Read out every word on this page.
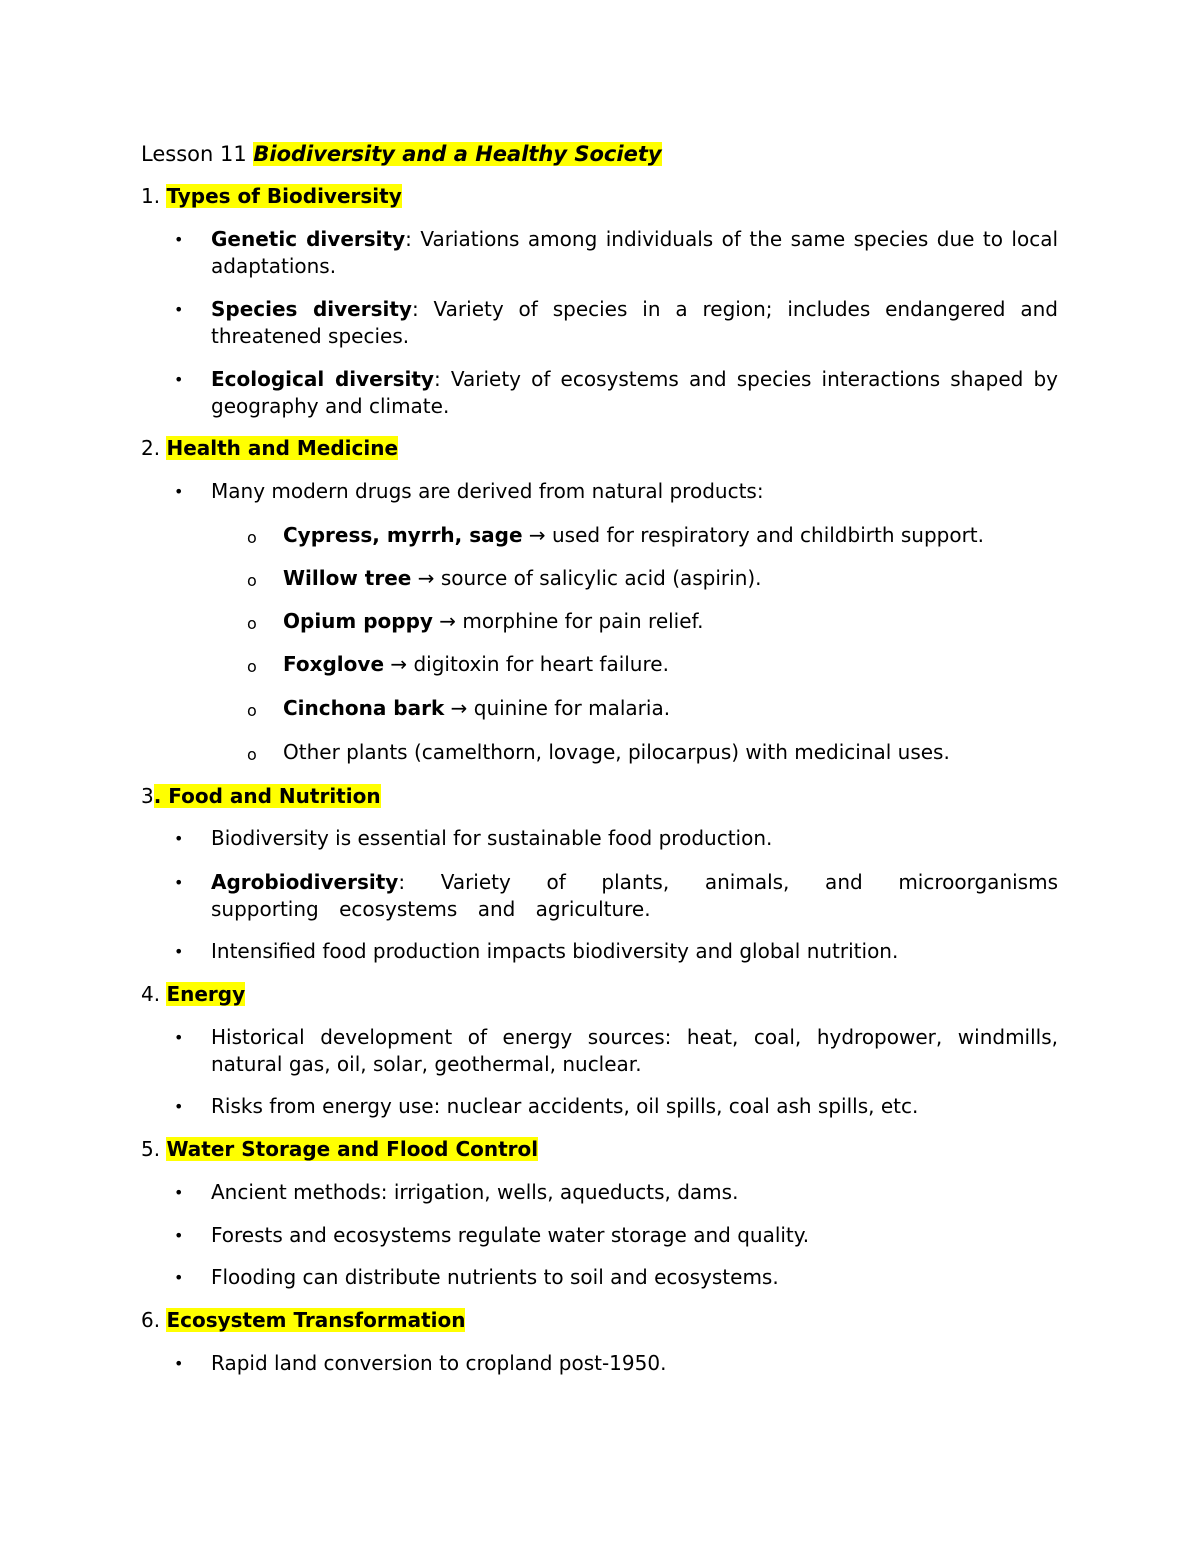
Lesson 11 Biodiversity and a Healthy Society
1. Types of Biodiversity
• Genetic diversity: Variations among individuals of the same species due to local adaptations.
• Species diversity: Variety of species in a region; includes endangered and threatened species.
• Ecological diversity: Variety of ecosystems and species interactions shaped by geography and climate.
2. Health and Medicine
• Many modern drugs are derived from natural products:
o Cypress, myrrh, sage → used for respiratory and childbirth support.
o Willow tree → source of salicylic acid (aspirin).
o Opium poppy → morphine for pain relief.
o Foxglove → digitoxin for heart failure.
o Cinchona bark → quinine for malaria.
o Other plants (camelthorn, lovage, pilocarpus) with medicinal uses.
3. Food and Nutrition
• Biodiversity is essential for sustainable food production.
• Agrobiodiversity: Variety of plants, animals, and microorganisms supporting ecosystems and agriculture.
• Intensified food production impacts biodiversity and global nutrition.
4. Energy
• Historical development of energy sources: heat, coal, hydropower, windmills, natural gas, oil, solar, geothermal, nuclear.
• Risks from energy use: nuclear accidents, oil spills, coal ash spills, etc.
5. Water Storage and Flood Control
• Ancient methods: irrigation, wells, aqueducts, dams.
• Forests and ecosystems regulate water storage and quality.
• Flooding can distribute nutrients to soil and ecosystems.
6. Ecosystem Transformation
• Rapid land conversion to cropland post-1950.
